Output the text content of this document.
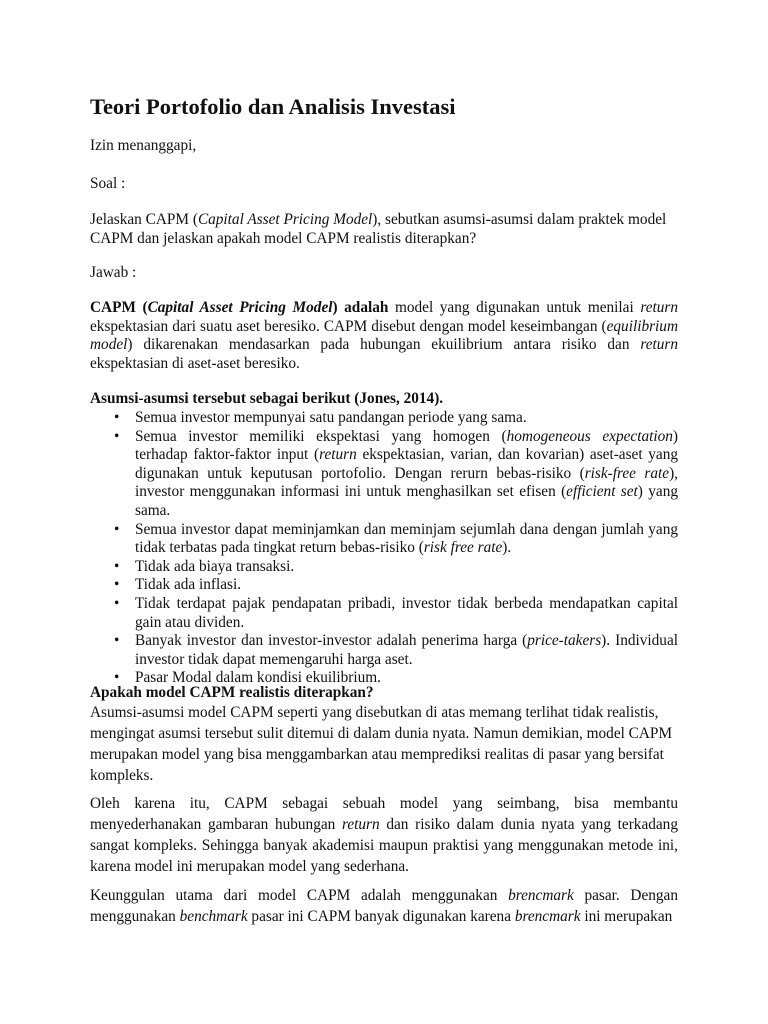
Teori Portofolio dan Analisis Investasi

Izin menanggapi,

Soal :

Jelaskan CAPM (Capital Asset Pricing Model), sebutkan asumsi-asumsi dalam praktek model CAPM dan jelaskan apakah model CAPM realistis diterapkan?

Jawab :

CAPM (Capital Asset Pricing Model) adalah model yang digunakan untuk menilai return ekspektasian dari suatu aset beresiko. CAPM disebut dengan model keseimbangan (equilibrium model) dikarenakan mendasarkan pada hubungan ekuilibrium antara risiko dan return ekspektasian di aset-aset beresiko.

Asumsi-asumsi tersebut sebagai berikut (Jones, 2014).

• Semua investor mempunyai satu pandangan periode yang sama.
• Semua investor memiliki ekspektasi yang homogen (homogeneous expectation) terhadap faktor-faktor input (return ekspektasian, varian, dan kovarian) aset-aset yang digunakan untuk keputusan portofolio. Dengan rerurn bebas-risiko (risk-free rate), investor menggunakan informasi ini untuk menghasilkan set efisen (efficient set) yang sama.
• Semua investor dapat meminjamkan dan meminjam sejumlah dana dengan jumlah yang tidak terbatas pada tingkat return bebas-risiko (risk free rate).
• Tidak ada biaya transaksi.
• Tidak ada inflasi.
• Tidak terdapat pajak pendapatan pribadi, investor tidak berbeda mendapatkan capital gain atau dividen.
• Banyak investor dan investor-investor adalah penerima harga (price-takers). Individual investor tidak dapat memengaruhi harga aset.
• Pasar Modal dalam kondisi ekuilibrium.

Apakah model CAPM realistis diterapkan?

Asumsi-asumsi model CAPM seperti yang disebutkan di atas memang terlihat tidak realistis, mengingat asumsi tersebut sulit ditemui di dalam dunia nyata. Namun demikian, model CAPM merupakan model yang bisa menggambarkan atau memprediksi realitas di pasar yang bersifat kompleks.

Oleh karena itu, CAPM sebagai sebuah model yang seimbang, bisa membantu menyederhanakan gambaran hubungan return dan risiko dalam dunia nyata yang terkadang sangat kompleks. Sehingga banyak akademisi maupun praktisi yang menggunakan metode ini, karena model ini merupakan model yang sederhana.

Keunggulan utama dari model CAPM adalah menggunakan brencmark pasar. Dengan menggunakan benchmark pasar ini CAPM banyak digunakan karena brencmark ini merupakan
